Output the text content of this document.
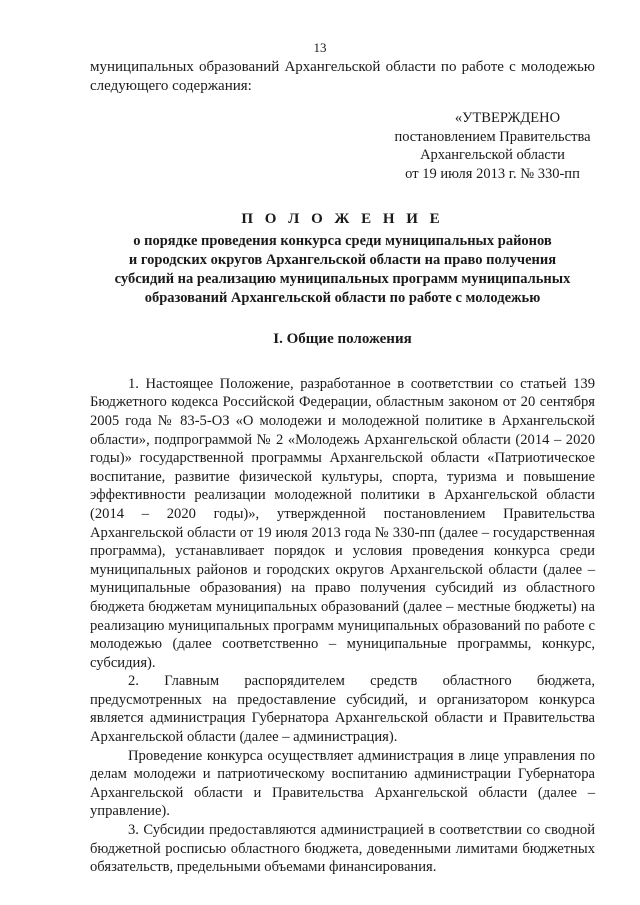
13

муниципальных образований Архангельской области по работе с молодежью следующего содержания:

«УТВЕРЖДЕНО
постановлением Правительства
Архангельской области
от 19 июля 2013 г. № 330-пп
П О Л О Ж Е Н И Е
о порядке проведения конкурса среди муниципальных районов
и городских округов Архангельской области на право получения
субсидий на реализацию муниципальных программ муниципальных
образований Архангельской области по работе с молодежью
I. Общие положения

1. Настоящее Положение, разработанное в соответствии со статьей 139 Бюджетного кодекса Российской Федерации, областным законом от 20 сентября 2005 года № 83-5-ОЗ «О молодежи и молодежной политике в Архангельской области», подпрограммой № 2 «Молодежь Архангельской области (2014 – 2020 годы)» государственной программы Архангельской области «Патриотическое воспитание, развитие физической культуры, спорта, туризма и повышение эффективности реализации молодежной политики в Архангельской области (2014 – 2020 годы)», утвержденной постановлением Правительства Архангельской области от 19 июля 2013 года № 330-пп (далее – государственная программа), устанавливает порядок и условия проведения конкурса среди муниципальных районов и городских округов Архангельской области (далее – муниципальные образования) на право получения субсидий из областного бюджета бюджетам муниципальных образований (далее – местные бюджеты) на реализацию муниципальных программ муниципальных образований по работе с молодежью (далее соответственно – муниципальные программы, конкурс, субсидия).

2. Главным распорядителем средств областного бюджета, предусмотренных на предоставление субсидий, и организатором конкурса является администрация Губернатора Архангельской области и Правительства Архангельской области (далее – администрация).

Проведение конкурса осуществляет администрация в лице управления по делам молодежи и патриотическому воспитанию администрации Губернатора Архангельской области и Правительства Архангельской области (далее – управление).

3. Субсидии предоставляются администрацией в соответствии со сводной бюджетной росписью областного бюджета, доведенными лимитами бюджетных обязательств, предельными объемами финансирования.
